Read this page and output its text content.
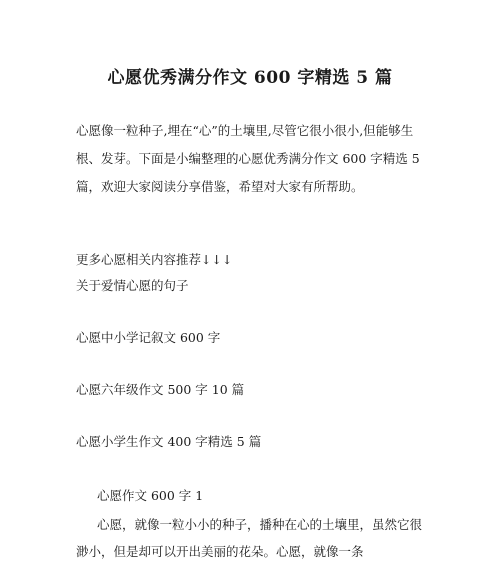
心愿优秀满分作文 600 字精选 5 篇
心愿像一粒种子,埋在“心”的土壤里,尽管它很小很小,但能够生根、发芽。下面是小编整理的心愿优秀满分作文 600 字精选 5 篇，欢迎大家阅读分享借鉴，希望对大家有所帮助。
更多心愿相关内容推荐↓↓↓
关于爱情心愿的句子
心愿中小学记叙文 600 字
心愿六年级作文 500 字 10 篇
心愿小学生作文 400 字精选 5 篇
心愿作文 600 字 1
心愿，就像一粒小小的种子，播种在心的土壤里，虽然它很渺小，但是却可以开出美丽的花朵。心愿，就像一条
